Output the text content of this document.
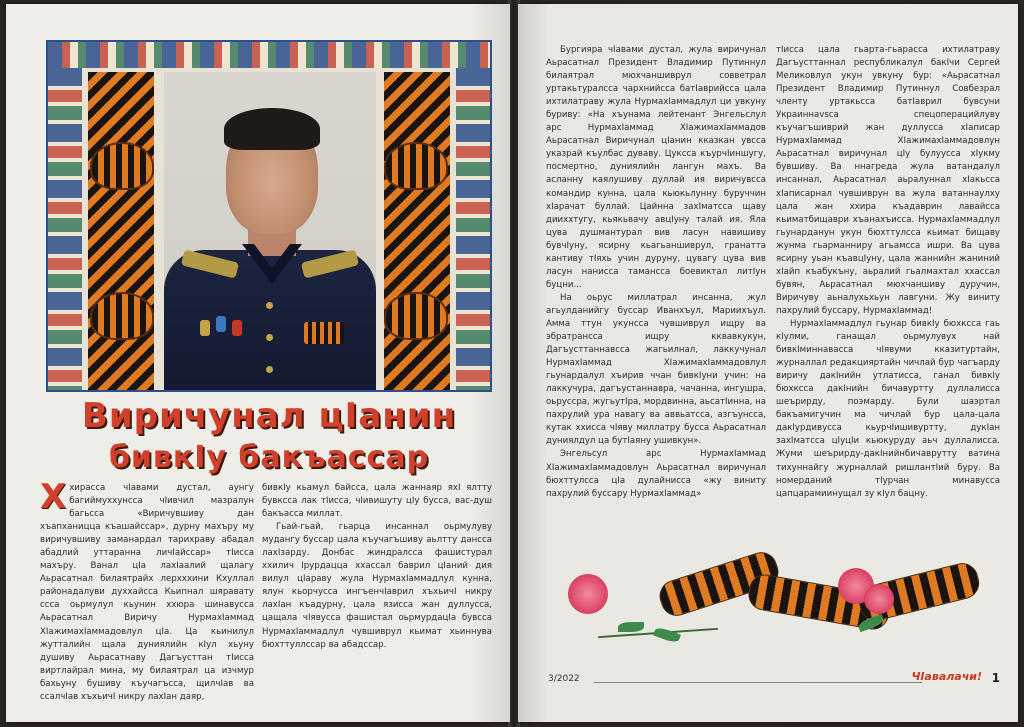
Виричунал цIанин
бивкIу бакъассар
Х хирасса чIавами дустал, аунгу багиймуххунсса чIивчил мазралун багьсса «Виричувшиву дан хъапханицца къашайссар», дурну махъру му виричувшиву заманардал тарихраву абадал абадлий уттаранна личIайссар» тIисса махъру. Ванал цIа лахIаалий щалагу Аьрасатнал билаятрайх лерхххини Кхуллал районадалуви духхайсса Кьипнал шяравату ссса оьрмулул кьунин ххюра шинавусса Аьрасатнал Виричу НурмахIаммад ХIажимахIаммадовлул цIа. Ца кьинилул жутталийн щала дуниялийн кIул хьуну душиву Аьрасатнаву Дагъусттан тIисса виртлайрал мина, му билаятрал ца изчмур бахьуну бушиву къучагъсса, щилчIав ва ссалчIав хъхьичI никру лахIан даяр,

бивкIу кьамул байсса, цала жаннаяр яхI ялтту бувксса лак тIисса, чIивишуту цIу бусса, вас-душ бакъасса миллат.

Гьай-гьай, гьарца инсаннал оьрмулуву мудангу буссар цала къучагъшиву аьлтту дансса лахIзарду. Донбас жиндралсса фашистурал ххилич Iрурдацца ххассал баврил цIаний дия вилул цIараву жула НурмахIаммадлул кунна, ялун кьорчусса ингъенчIаврил хъхьичI никру лахIан къадурну, цала язисса жан дуллусса, цащала чIявусса фашистал оьрмурдацIа бувсса НурмахIаммадлул чувшиврул кьимат хьиннува бюхттуллссар ва абадссар.

Бургияра чIавами дустал, жула виричунал Аьрасатнал Президент Владимир Путиннул билаятрал мюхчаншиврул совветрал уртакьтуралсса чархнийсса батIаврийсса цала ихтилатраву жула НурмахIаммадлул ци увкуну буриву: «На хъунама лейтенант Энгельслул арс НурмахIаммад ХIажимахIаммадов Аьрасатнал Виричунал цIанин кказкан увсса указрай къулбас дуваву. Цуксса къурчIиншугу, посмертно, дуниялийн лангун махъ. Ва асланну каялушиву дуллай ия виричувсса командир кунна, цала кьюкьлунну буруччин хIарачат буллай. Цайнна захIматсса щаву дииххтугу, кьякьвачу авцIуну талай ия. Яла цува душмантурал вив ласун навишиву бувчIуну, ясирну кьагьаншиврул, гранатта кантиву тIяхь учин дуруну, цувагу цува вив ласун нанисса тамансса боевиктал литIун буцни...

На оьрус миллатрал инсанна, жул агьулданийгу буссар Иванхъул, Мариихъул. Амма ттун укунсса чувшиврул ищру ва эбратрансса ищру кквавкукун, Дагъусттаннавсса жагьилнал, лаккучунал НурмахIаммад ХIажимахIаммадовлул гьунардалул хъирив ччан бивкIуни учин: на лаккучура, дагъустаннавра, чачанна, ингушра, оьруссра, жугьутIра, мордвинна, аьсатIинна, на пахрулий ура навагу ва аввьатсса, азгъунсса, кутак ххисса чIяву миллатру бусса Аьрасатнал дуниялдул ца бутIаяну ушивкун».

Энгельсул арс НурмахIаммад ХIажимахIаммадовлун Аьрасатнал виричунал бюхттулсса цIа дулайнисса «жу виниту пахрулий буссару НурмахIаммад»

тIисса цала гьарта-гьарасса ихтилатраву Дагъусттаннал республикалул бакIчи Сергей Меликовлул укун увкуну бур: «Аьрасатнал Президент Владимир Путиннул Совбезрал членту уртакьсса батIаврил бувсуни Украиннаvsса спецоперацийлуву къучагъшиврий жан дуллусса хIаписар НурмахIаммад ХIажимахIаммадовлун Аьрасатнал виричунал цIу булуусса хIукму бувшиву. Ва ннагреда жула ватандалул инсаннал, Аьрасатнал аьралуннал хIакьсса хIаписарнал чувшиврун ва жула ватаннаулху цала жан ххира къадаврин лавайсса кьиматбищаври хъанахъисса. НурмахIаммадлул гьунарданун укун бюхттулсса кьимат бищаву жунма гьарманниру агьамсса ишри. Ва цува ясирну уьан къавцIуну, цала жаннийн жаниний хIайп къабукъну, аьралий гьалмахтал ххассал бувян, Аьрасатнал мюхчаншиву дуручин, Виричуву аьналухьхьун лавгуни. Жу виниту пахрулий буссару, НурмахIаммад!

НурмахIаммадлул гьунар бивкIу бюхксса гаь кIулми, ганащал оьрмулувух най бивкIминнавасса чIявуми кказитуртайн, журналлал редакцияртайн чичлай бур чагъарду виричу дакIнийн утлатисса, ганал бивкIу бюхксса дакIнийн бичавуртту дуллалисса шеърирду, поэмарду. Були шаэртал бакъамигучин ма чичлай бур цала-цала дакIурдивусса кьурчIишивуртту, дукIан захIматсса цIуцIи кьюкуруду аьч дуллалисса. Жуми шеърирду-дакIнийнбичаврутту ватина тихуннайгу журналлай ришлантIий буру. Ва номерданий тIурчан минавусса цапцарамиинущал зу кIул бацну.

3/2022	ЧIавалачи! 1
